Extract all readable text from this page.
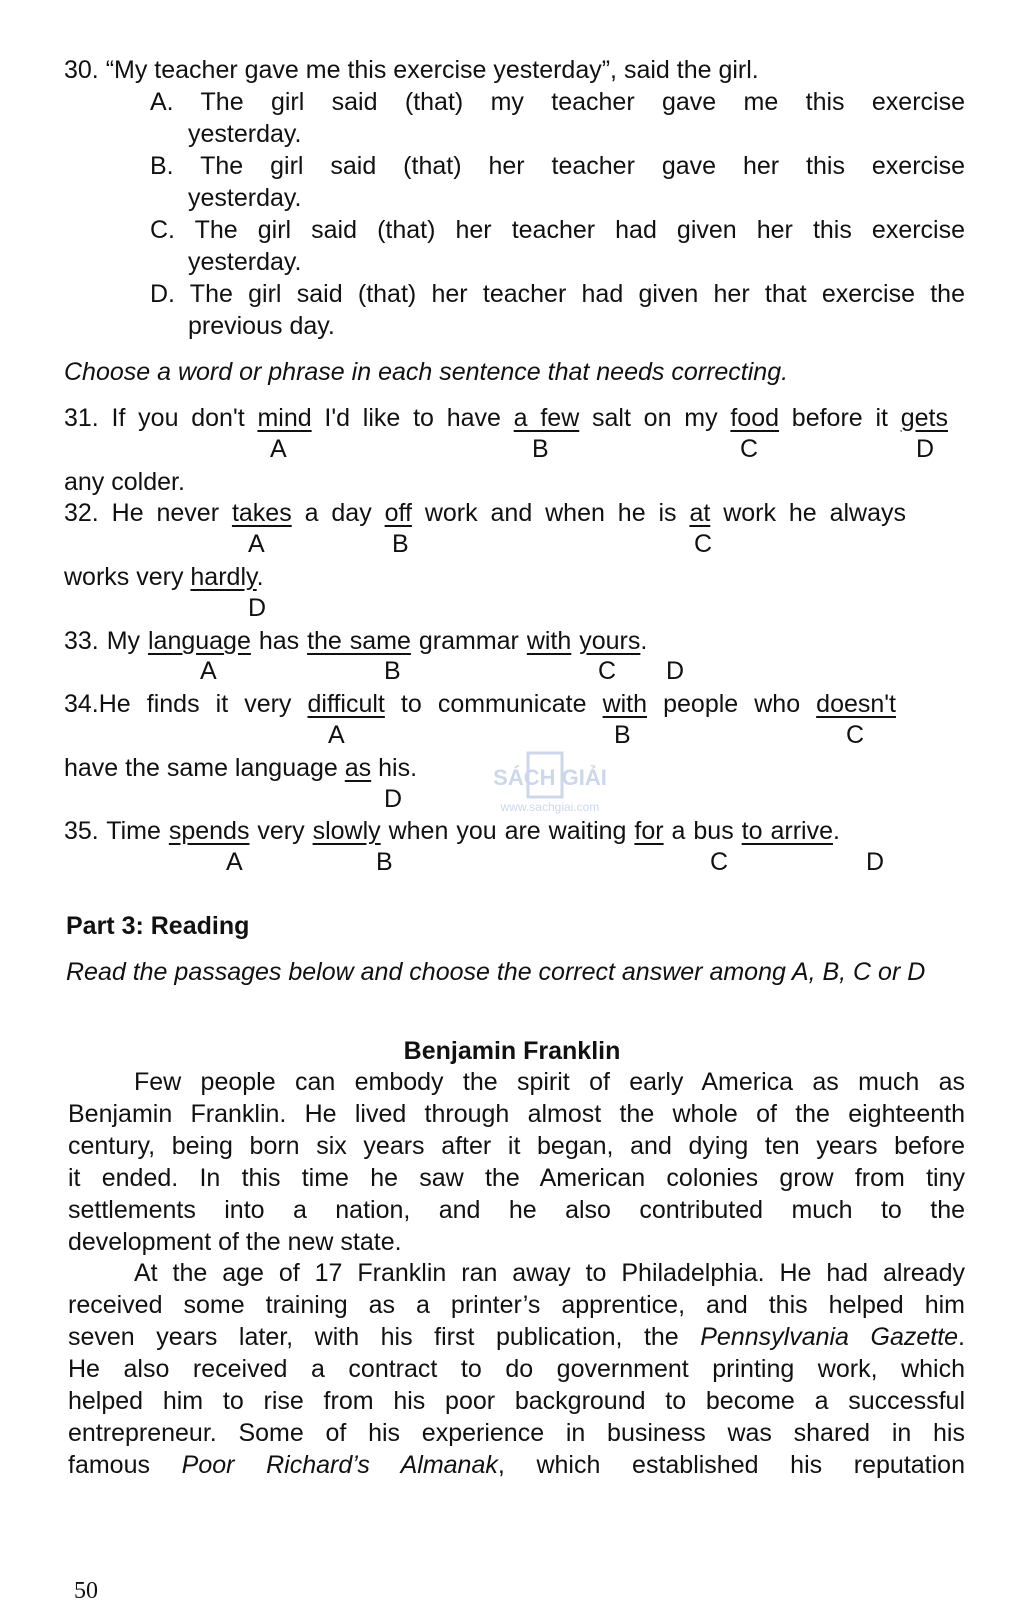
30. “My teacher gave me this exercise yesterday”, said the girl.
A. The girl said (that) my teacher gave me this exercise
yesterday.
B. The girl said (that) her teacher gave her this exercise
yesterday.
C. The girl said (that) her teacher had given her this exercise
yesterday.
D. The girl said (that) her teacher had given her that exercise the
previous day.
Choose a word or phrase in each sentence that needs correcting.
31. If you don't mind I'd like to have a few salt on my food before it gets
A	B	C	D
any colder.
32. He never takes a day off work and when he is at work he always
A	B	C
works very hardly.
D
33. My language has the same grammar with yours.
A	B	C D
34.He finds it very difficult to communicate with people who doesn't
A	B	C
have the same language as his.
D
35. Time spends very slowly when you are waiting for a bus to arrive.
A	B	C	D
Part 3: Reading
Read the passages below and choose the correct answer among A, B, C or D
Benjamin Franklin
Few people can embody the spirit of early America as much as
Benjamin Franklin. He lived through almost the whole of the eighteenth
century, being born six years after it began, and dying ten years before
it ended. In this time he saw the American colonies grow from tiny
settlements into a nation, and he also contributed much to the
development of the new state.
At the age of 17 Franklin ran away to Philadelphia. He had already
received some training as a printer’s apprentice, and this helped him
seven years later, with his first publication, the Pennsylvania Gazette.
He also received a contract to do government printing work, which
helped him to rise from his poor background to become a successful
entrepreneur. Some of his experience in business was shared in his
famous Poor Richard’s Almanak, which established his reputation
SÁCH GIẢI
www.sachgiai.com
50
